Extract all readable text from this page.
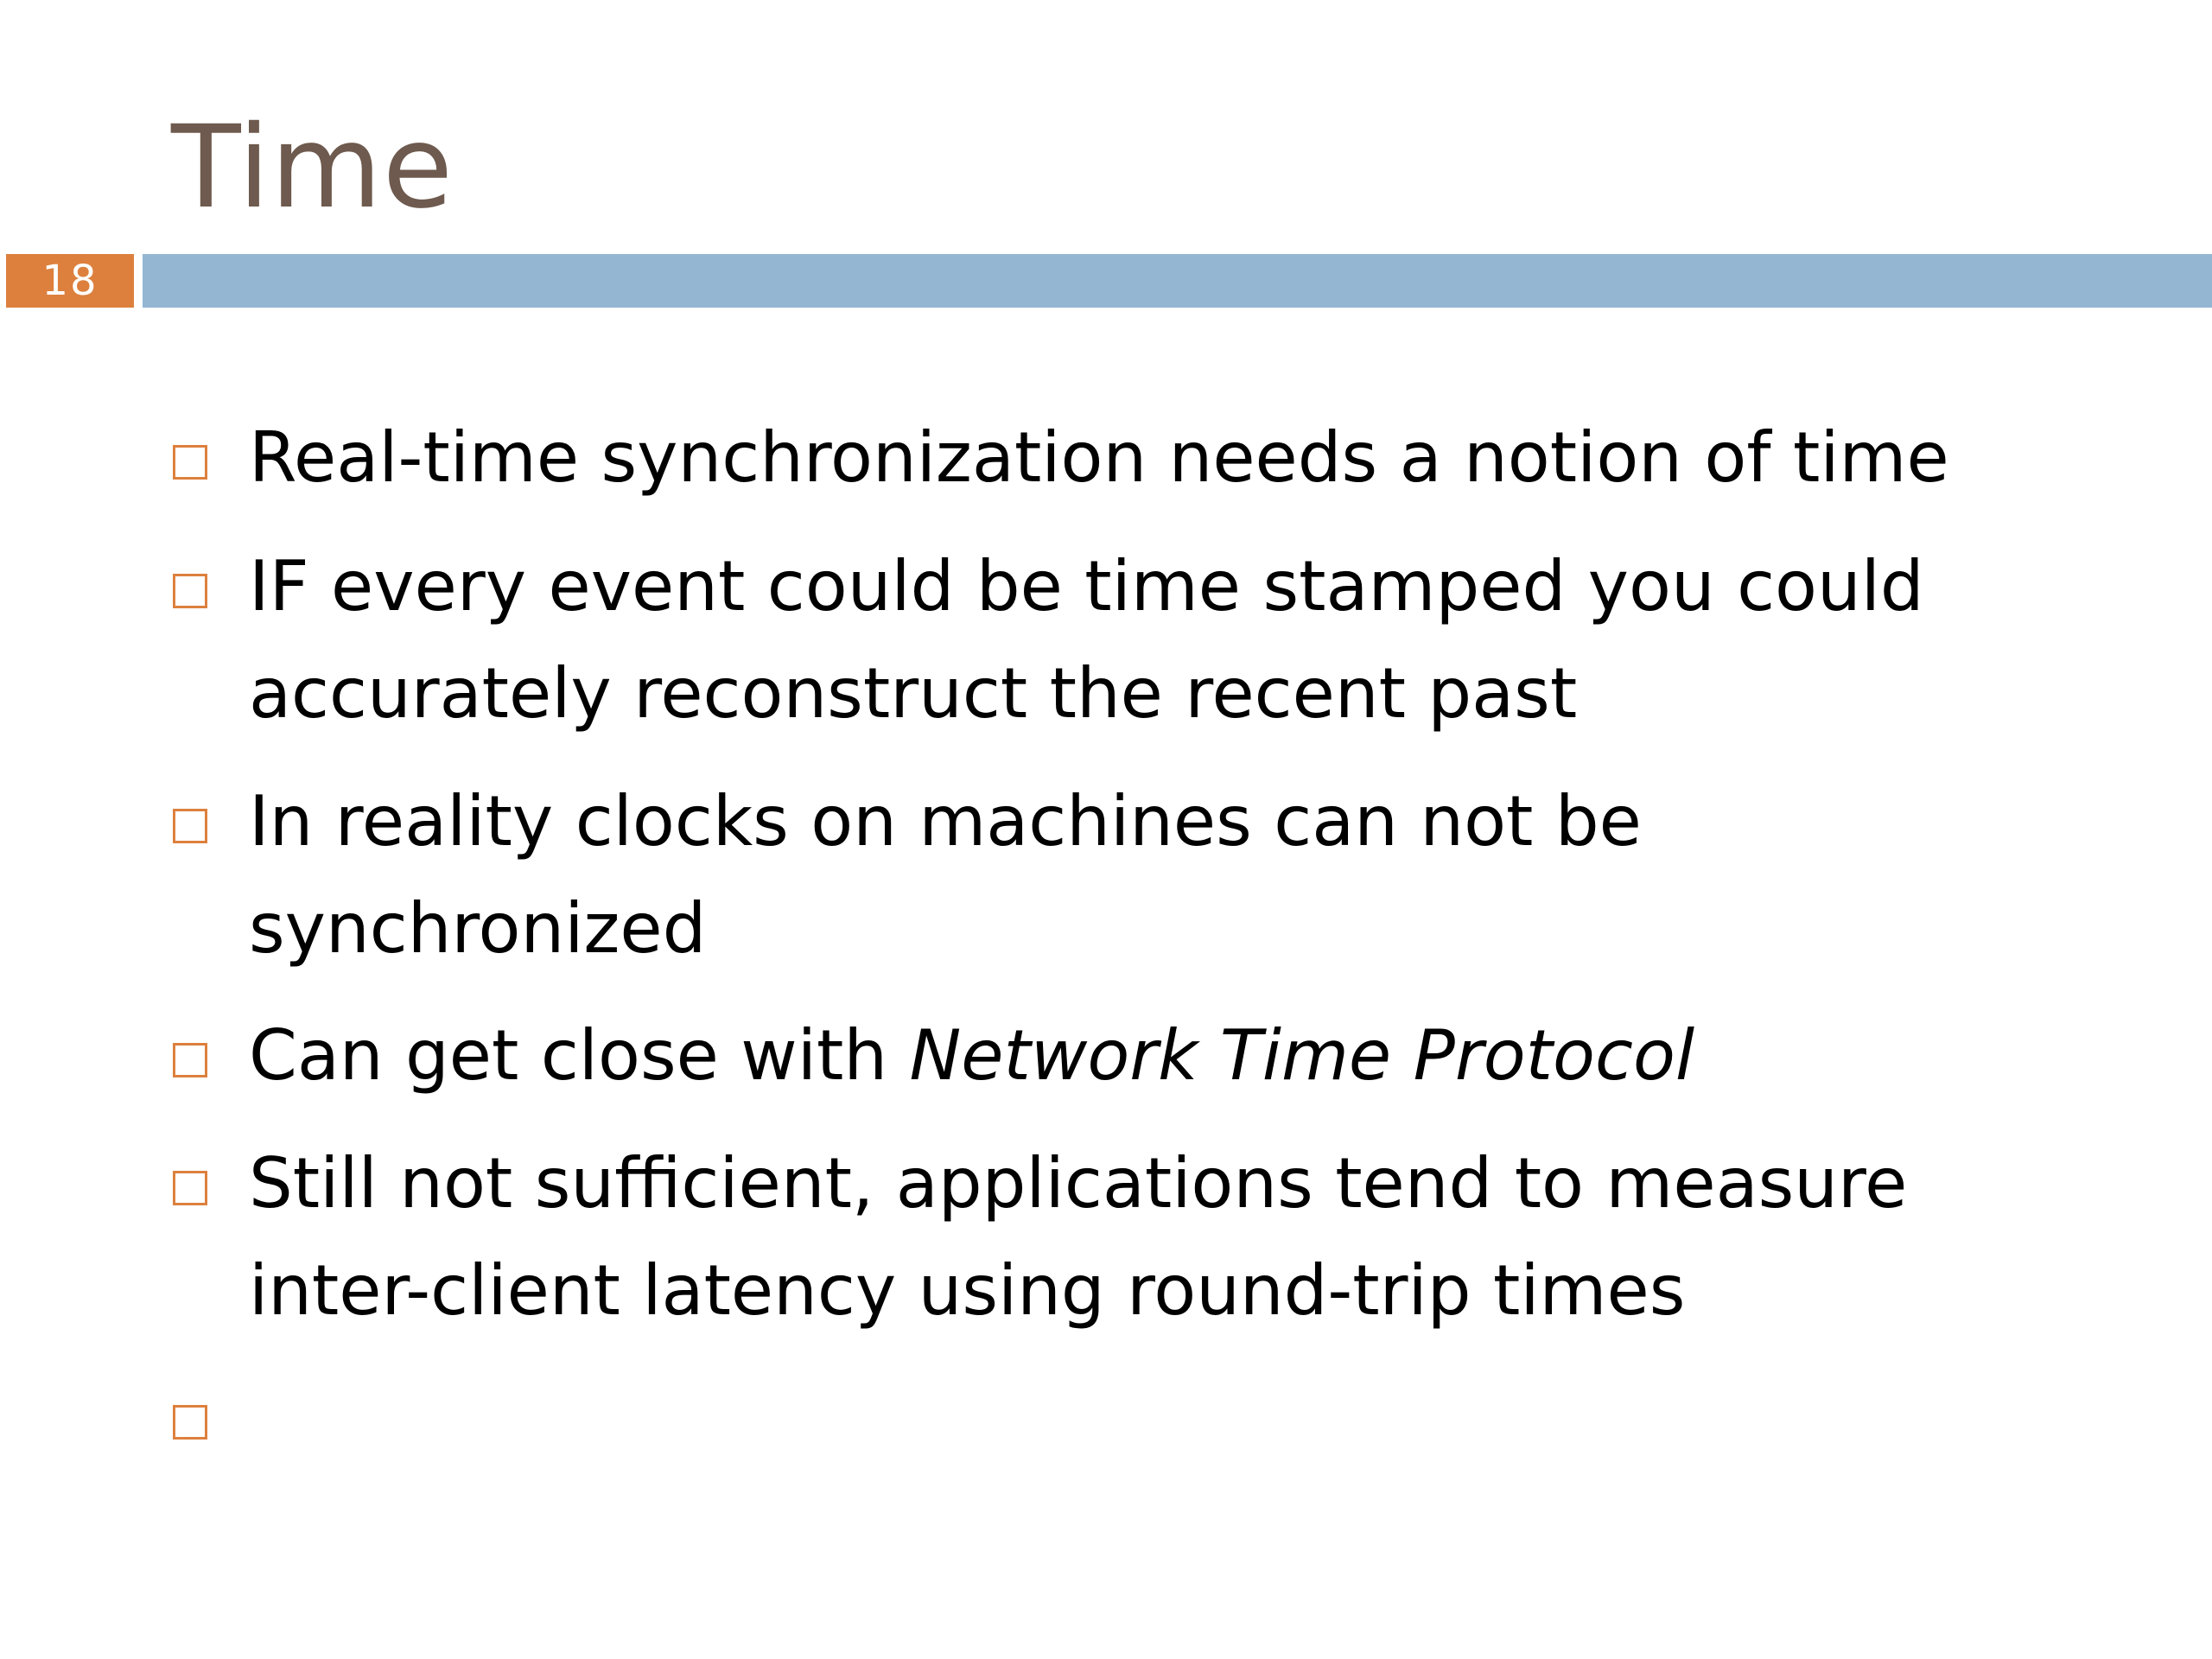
Time
18
Real-time synchronization needs a notion of time
IF every event could be time stamped you could
accurately reconstruct the recent past
In reality clocks on machines can not be
synchronized
Can get close with Network Time Protocol
Still not sufficient, applications tend to measure
inter-client latency using round-trip times
